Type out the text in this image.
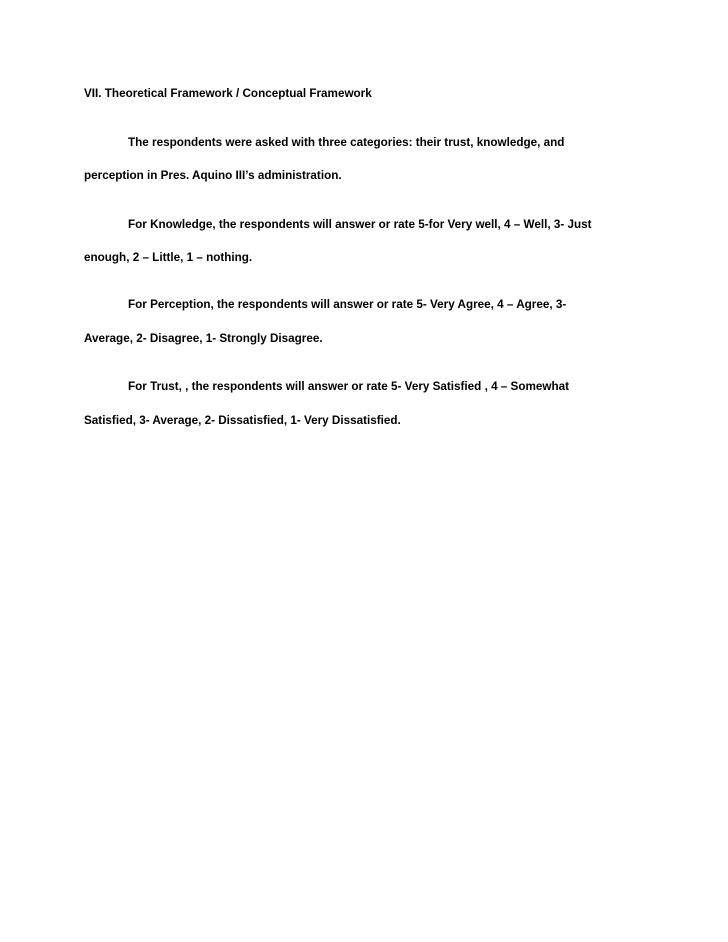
VII. Theoretical Framework / Conceptual Framework
The respondents were asked with three categories: their trust, knowledge, and
perception in Pres. Aquino III’s administration.
For Knowledge, the respondents will answer or rate 5-for Very well, 4 – Well, 3- Just
enough, 2 – Little, 1 – nothing.
For Perception, the respondents will answer or rate 5- Very Agree, 4 – Agree, 3-
Average, 2- Disagree, 1- Strongly Disagree.
For Trust, , the respondents will answer or rate 5- Very Satisfied , 4 – Somewhat
Satisfied, 3- Average, 2- Dissatisfied, 1- Very Dissatisfied.
